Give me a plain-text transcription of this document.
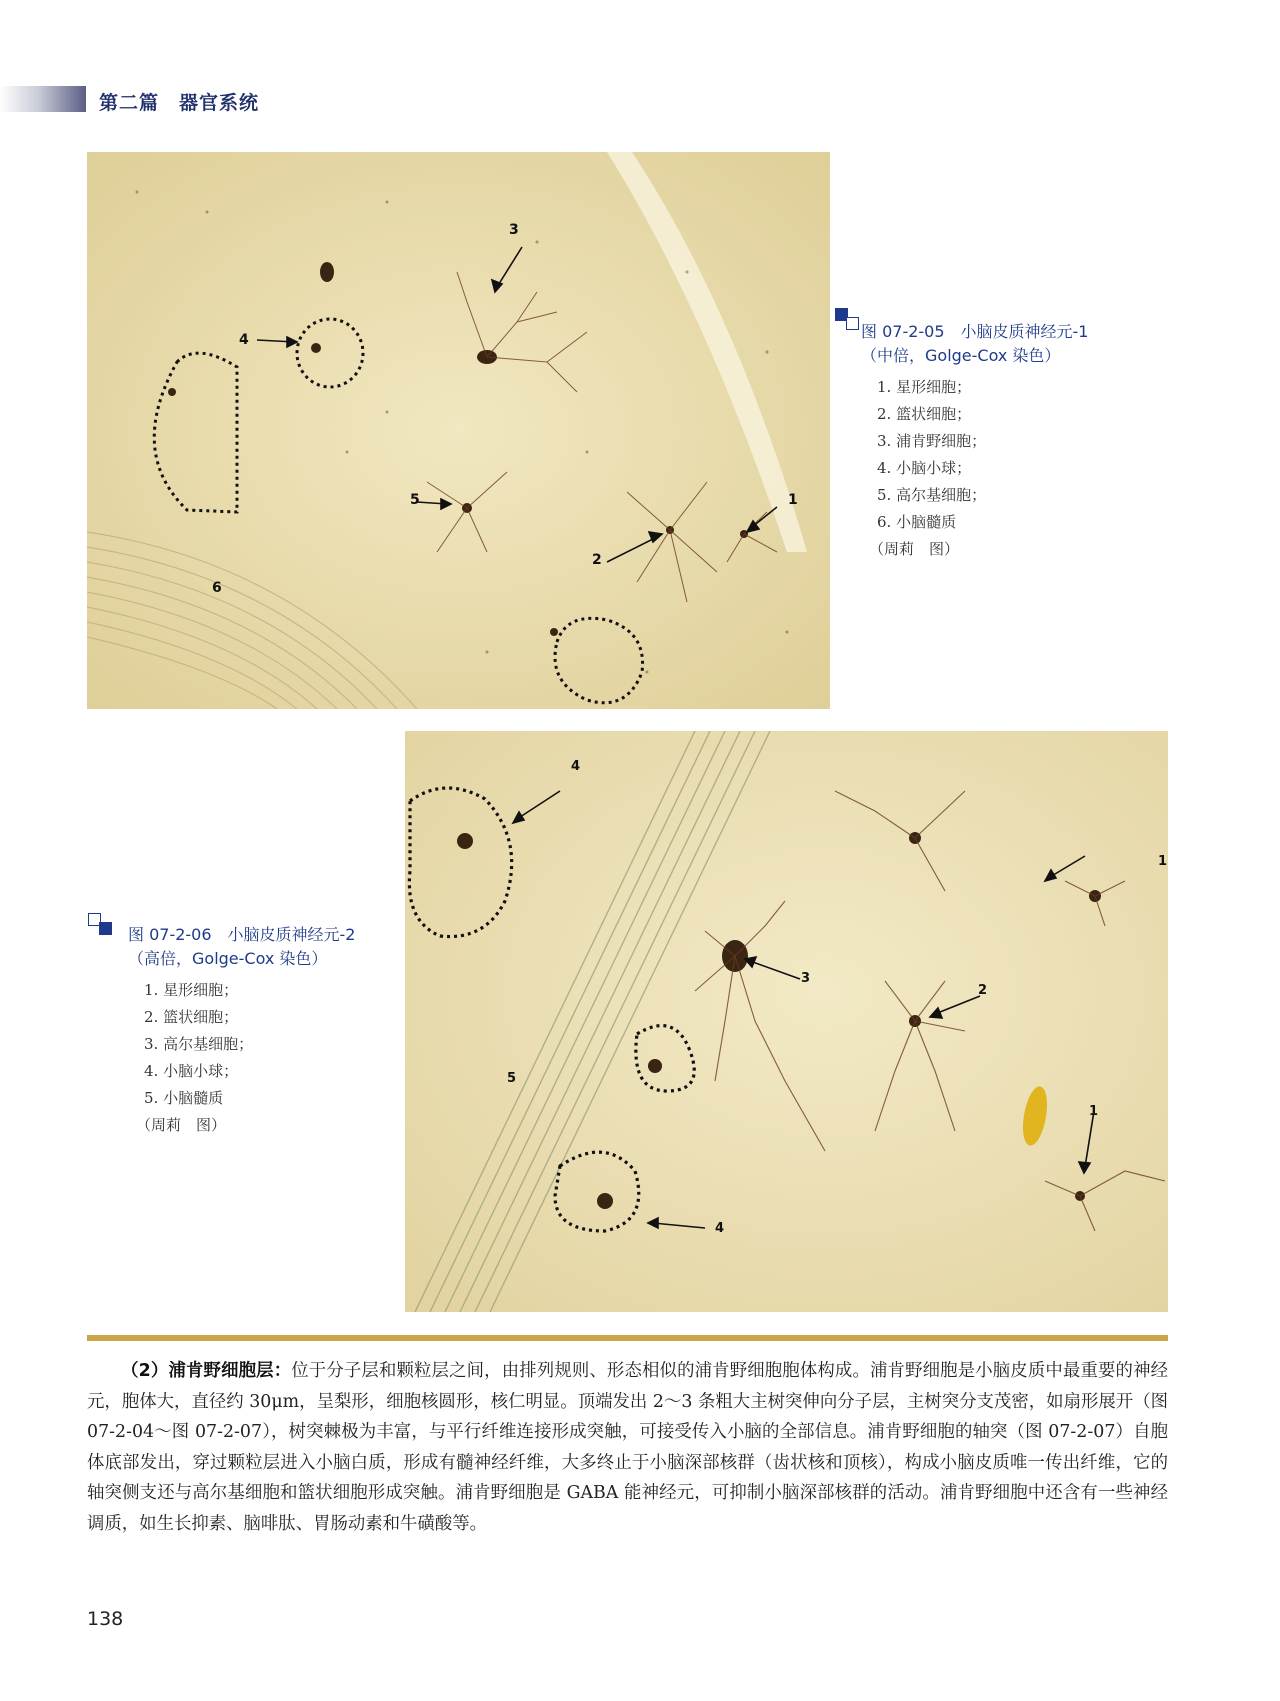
第二篇　器官系统
3
4
5
2
1
6
图 07-2-05　小脑皮质神经元-1
（中倍，Golge-Cox 染色）
1. 星形细胞；
2. 篮状细胞；
3. 浦肯野细胞；
4. 小脑小球；
5. 高尔基细胞；
6. 小脑髓质
（周莉　图）
4
1
3
2
5
1
4
图 07-2-06　小脑皮质神经元-2
（高倍，Golge-Cox 染色）
1. 星形细胞；
2. 篮状细胞；
3. 高尔基细胞；
4. 小脑小球；
5. 小脑髓质
（周莉　图）
（2）浦肯野细胞层：位于分子层和颗粒层之间，由排列规则、形态相似的浦肯野细胞胞体构成。浦肯野细胞是小脑皮质中最重要的神经元，胞体大，直径约 30μm，呈梨形，细胞核圆形，核仁明显。顶端发出 2～3 条粗大主树突伸向分子层，主树突分支茂密，如扇形展开（图 07-2-04～图 07-2-07），树突棘极为丰富，与平行纤维连接形成突触，可接受传入小脑的全部信息。浦肯野细胞的轴突（图 07-2-07）自胞体底部发出，穿过颗粒层进入小脑白质，形成有髓神经纤维，大多终止于小脑深部核群（齿状核和顶核），构成小脑皮质唯一传出纤维，它的轴突侧支还与高尔基细胞和篮状细胞形成突触。浦肯野细胞是 GABA 能神经元，可抑制小脑深部核群的活动。浦肯野细胞中还含有一些神经调质，如生长抑素、脑啡肽、胃肠动素和牛磺酸等。
138
